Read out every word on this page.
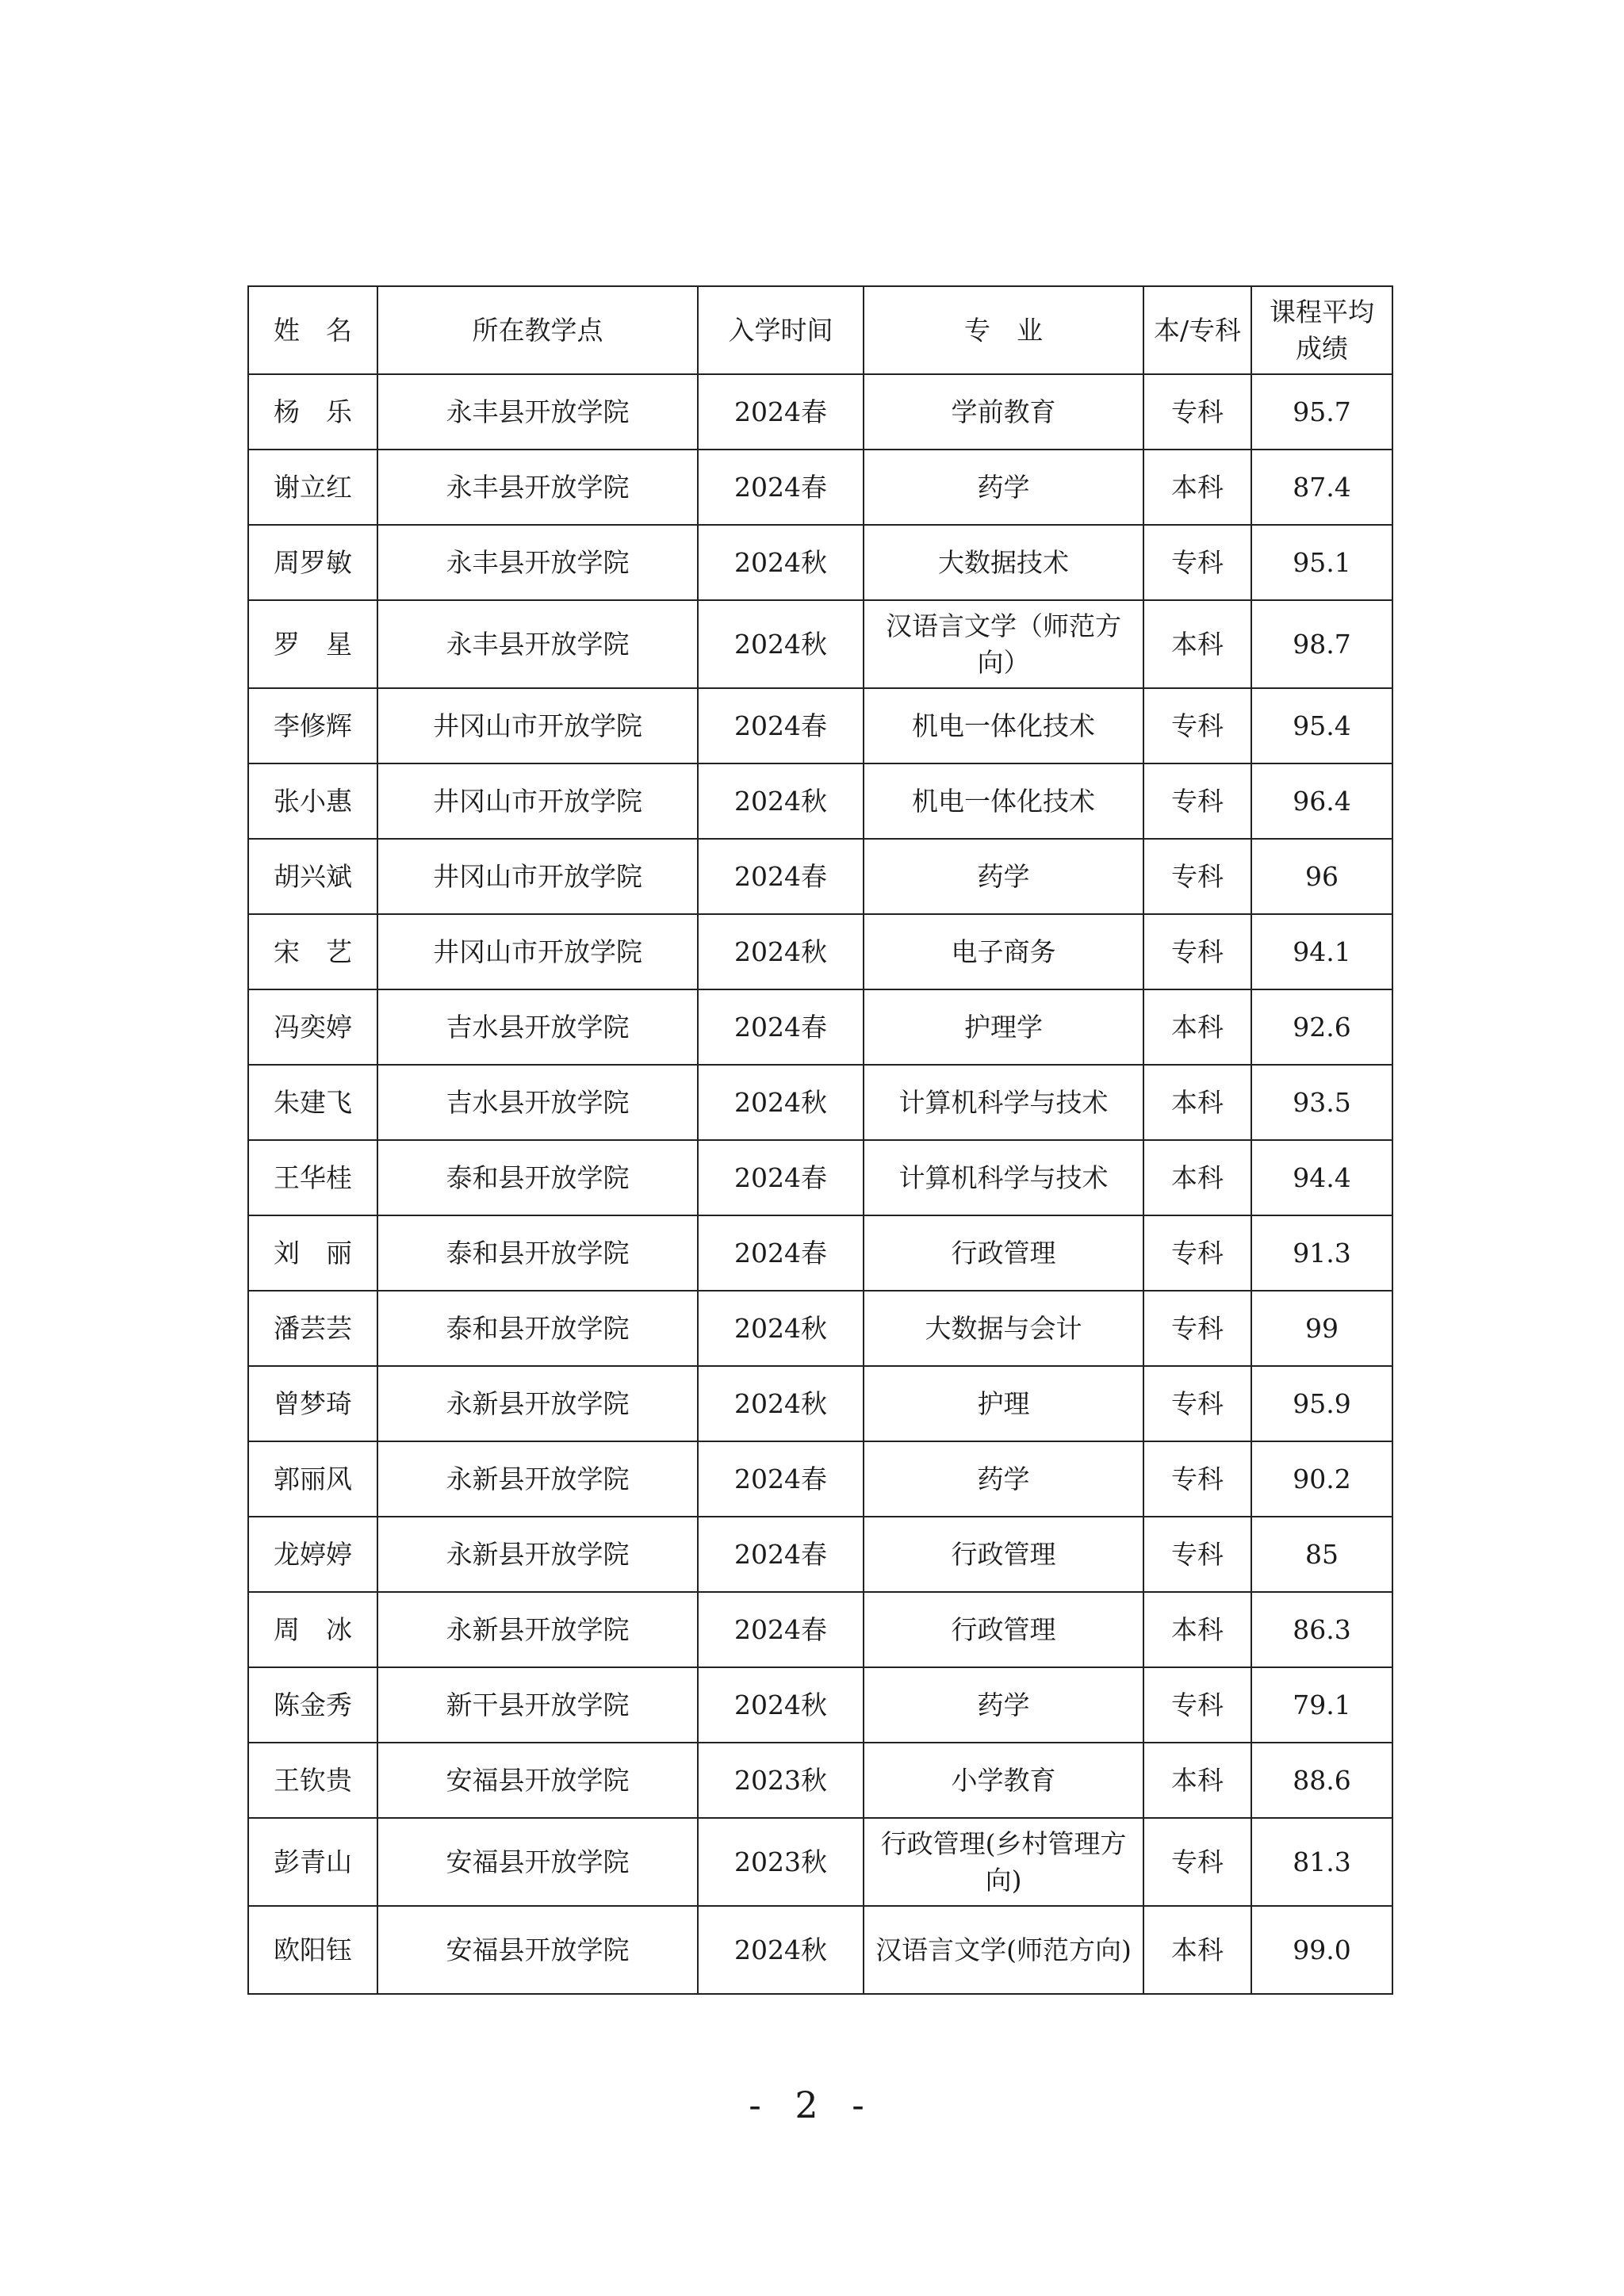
姓　名	所在教学点	入学时间	专　业	本/专科	课程平均成绩
杨　乐	永丰县开放学院	2024春	学前教育	专科	95.7
谢立红	永丰县开放学院	2024春	药学	本科	87.4
周罗敏	永丰县开放学院	2024秋	大数据技术	专科	95.1
罗　星	永丰县开放学院	2024秋	汉语言文学（师范方向）	本科	98.7
李修辉	井冈山市开放学院	2024春	机电一体化技术	专科	95.4
张小惠	井冈山市开放学院	2024秋	机电一体化技术	专科	96.4
胡兴斌	井冈山市开放学院	2024春	药学	专科	96
宋　艺	井冈山市开放学院	2024秋	电子商务	专科	94.1
冯奕婷	吉水县开放学院	2024春	护理学	本科	92.6
朱建飞	吉水县开放学院	2024秋	计算机科学与技术	本科	93.5
王华桂	泰和县开放学院	2024春	计算机科学与技术	本科	94.4
刘　丽	泰和县开放学院	2024春	行政管理	专科	91.3
潘芸芸	泰和县开放学院	2024秋	大数据与会计	专科	99
曾梦琦	永新县开放学院	2024秋	护理	专科	95.9
郭丽风	永新县开放学院	2024春	药学	专科	90.2
龙婷婷	永新县开放学院	2024春	行政管理	专科	85
周　冰	永新县开放学院	2024春	行政管理	本科	86.3
陈金秀	新干县开放学院	2024秋	药学	专科	79.1
王钦贵	安福县开放学院	2023秋	小学教育	本科	88.6
彭青山	安福县开放学院	2023秋	行政管理(乡村管理方向)	专科	81.3
欧阳钰	安福县开放学院	2024秋	汉语言文学(师范方向)	本科	99.0
- 2 -
